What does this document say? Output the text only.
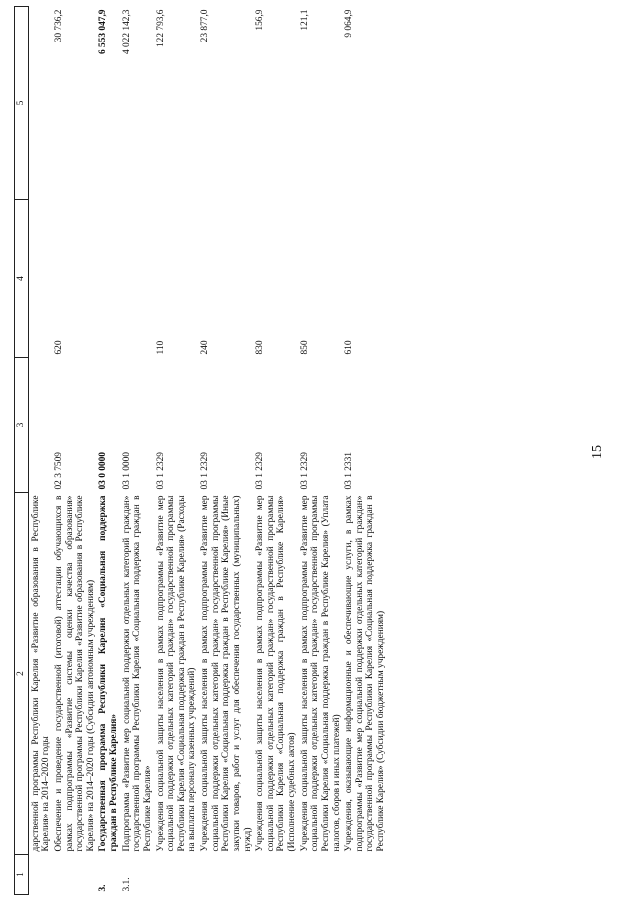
15
1	2	3	4	5
	дарственной программы Республики Карелия «Развитие образования в Республике Карелия» на 2014–2020 годы			
	Обеспечение и проведение государственной (итоговой) аттестации обучающихся в рамках подпрограммы «Развитие системы оценки качества образования» государственной программы Республики Карелия «Развитие образования в Республике Карелия» на 2014–2020 годы (Субсидии автономным учреждениям)	02 3 7509	620	30 736,2
3.	Государственная программа Республики Карелия «Социальная поддержка граждан в Республике Карелия»	03 0 0000		6 553 047,9
3.1.	Подпрограмма «Развитие мер социальной поддержки отдельных категорий граждан» государственной программы Республики Карелия «Социальная поддержка граждан в Республике Карелия»	03 1 0000		4 022 142,3
	Учреждения социальной защиты населения в рамках подпрограммы «Развитие мер социальной поддержки отдельных категорий граждан» государственной программы Республики Карелия «Социальная поддержка граждан в Республике Карелия» (Расходы на выплаты персоналу казенных учреждений)	03 1 2329	110	122 793,6
	Учреждения социальной защиты населения в рамках подпрограммы «Развитие мер социальной поддержки отдельных категорий граждан» государственной программы Республики Карелия «Социальная поддержка граждан в Республике Карелия» (Иные закупки товаров, работ и услуг для обеспечения государственных (муниципальных) нужд)	03 1 2329	240	23 877,0
	Учреждения социальной защиты населения в рамках подпрограммы «Развитие мер социальной поддержки отдельных категорий граждан» государственной программы Республики Карелия «Социальная поддержка граждан в Республике Карелия» (Исполнение судебных актов)	03 1 2329	830	156,9
	Учреждения социальной защиты населения в рамках подпрограммы «Развитие мер социальной поддержки отдельных категорий граждан» государственной программы Республики Карелия «Социальная поддержка граждан в Республике Карелия» (Уплата налогов, сборов и иных платежей)	03 1 2329	850	121,1
	Учреждения, оказывающие информационные и обеспечивающие услуги, в рамках подпрограммы «Развитие мер социальной поддержки отдельных категорий граждан» государственной программы Республики Карелия «Социальная поддержка граждан в Республике Карелия» (Субсидии бюджетным учреждениям)	03 1 2331	610	9 064,9
